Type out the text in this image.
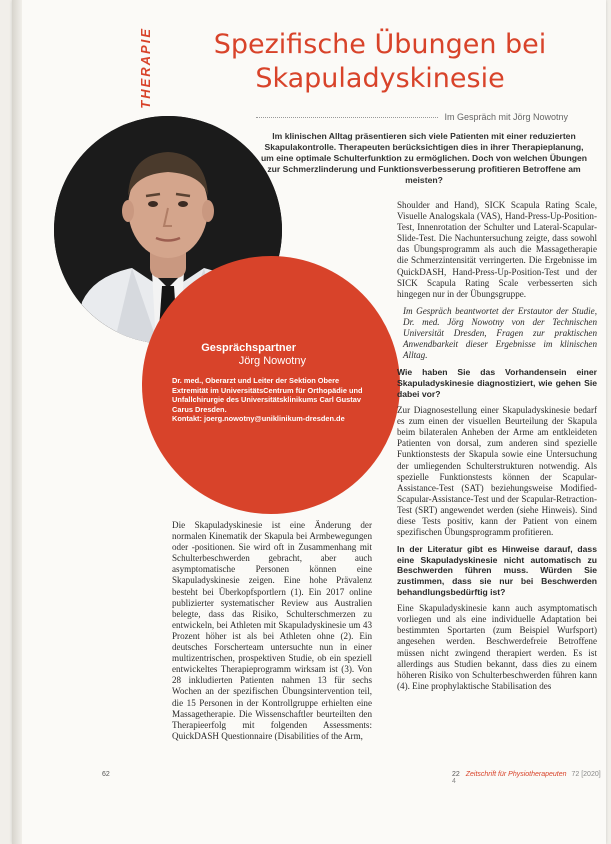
THERAPIE	Spezifische Übungen bei
Skapuladyskinesie
Im Gespräch mit Jörg Nowotny
Im klinischen Alltag präsentieren sich viele Patienten mit einer reduzierten Skapulakontrolle. Therapeuten berücksichtigen dies in ihrer Therapieplanung, um eine optimale Schulterfunktion zu ermöglichen. Doch von welchen Übungen zur Schmerzlinderung und Funktionsverbesserung profitieren Betroffene am meisten?
Gesprächspartner
Jörg Nowotny
Dr. med., Oberarzt und Leiter der Sektion Obere Extremität im UniversitätsCentrum für Orthopädie und Unfallchirurgie des Universitätsklinikums Carl Gustav Carus Dresden.
Kontakt: joerg.nowotny@uniklinikum-dresden.de

Die Skapuladyskinesie ist eine Änderung der normalen Kinematik der Skapula bei Armbewegungen oder -positionen. Sie wird oft in Zusammenhang mit Schulterbeschwerden gebracht, aber auch asymptomatische Personen können eine Skapuladyskinesie zeigen. Eine hohe Prävalenz besteht bei Überkopfsportlern (1). Ein 2017 online publizierter systematischer Review aus Australien belegte, dass das Risiko, Schulterschmerzen zu entwickeln, bei Athleten mit Skapuladyskinesie um 43 Prozent höher ist als bei Athleten ohne (2). Ein deutsches Forscherteam untersuchte nun in einer multizentrischen, prospektiven Studie, ob ein speziell entwickeltes Therapieprogramm wirksam ist (3). Von 28 inkludierten Patienten nahmen 13 für sechs Wochen an der spezifischen Übungsintervention teil, die 15 Personen in der Kontrollgruppe erhielten eine Massagetherapie. Die Wissenschaftler beurteilten den Therapieerfolg mit folgenden Assessments: QuickDASH Questionnaire (Disabilities of the Arm,

Shoulder and Hand), SICK Scapula Rating Scale, Visuelle Analogskala (VAS), Hand-Press-Up-Position-Test, Innenrotation der Schulter und Lateral-Scapular-Slide-Test. Die Nachuntersuchung zeigte, dass sowohl das Übungsprogramm als auch die Massagetherapie die Schmerzintensität verringerten. Die Ergebnisse im QuickDASH, Hand-Press-Up-Position-Test und der SICK Scapula Rating Scale verbesserten sich hingegen nur in der Übungsgruppe.

Im Gespräch beantwortet der Erstautor der Studie, Dr. med. Jörg Nowotny von der Technischen Universität Dresden, Fragen zur praktischen Anwendbarkeit dieser Ergebnisse im klinischen Alltag.

Wie haben Sie das Vorhandensein einer Skapuladyskinesie diagnostiziert, wie gehen Sie dabei vor?

Zur Diagnosestellung einer Skapuladyskinesie bedarf es zum einen der visuellen Beurteilung der Skapula beim bilateralen Anheben der Arme am entkleideten Patienten von dorsal, zum anderen sind spezielle Funktionstests der Skapula sowie eine Untersuchung der umliegenden Schulterstrukturen notwendig. Als spezielle Funktionstests können der Scapular-Assistance-Test (SAT) beziehungsweise Modified-Scapular-Assistance-Test und der Scapular-Retraction-Test (SRT) angewendet werden (siehe Hinweis). Sind diese Tests positiv, kann der Patient von einem spezifischen Übungsprogramm profitieren.

In der Literatur gibt es Hinweise darauf, dass eine Skapuladyskinesie nicht automatisch zu Beschwerden führen muss. Würden Sie zustimmen, dass sie nur bei Beschwerden behandlungsbedürftig ist?

Eine Skapuladyskinesie kann auch asymptomatisch vorliegen und als eine individuelle Adaptation bei bestimmten Sportarten (zum Beispiel Wurfsport) angesehen werden. Beschwerdefreie Betroffene müssen nicht zwingend therapiert werden. Es ist allerdings aus Studien bekannt, dass dies zu einem höheren Risiko von Schulterbeschwerden führen kann (4). Eine prophylaktische Stabilisation des

62	22 Zeitschrift für Physiotherapeuten 72 [2020] 4
